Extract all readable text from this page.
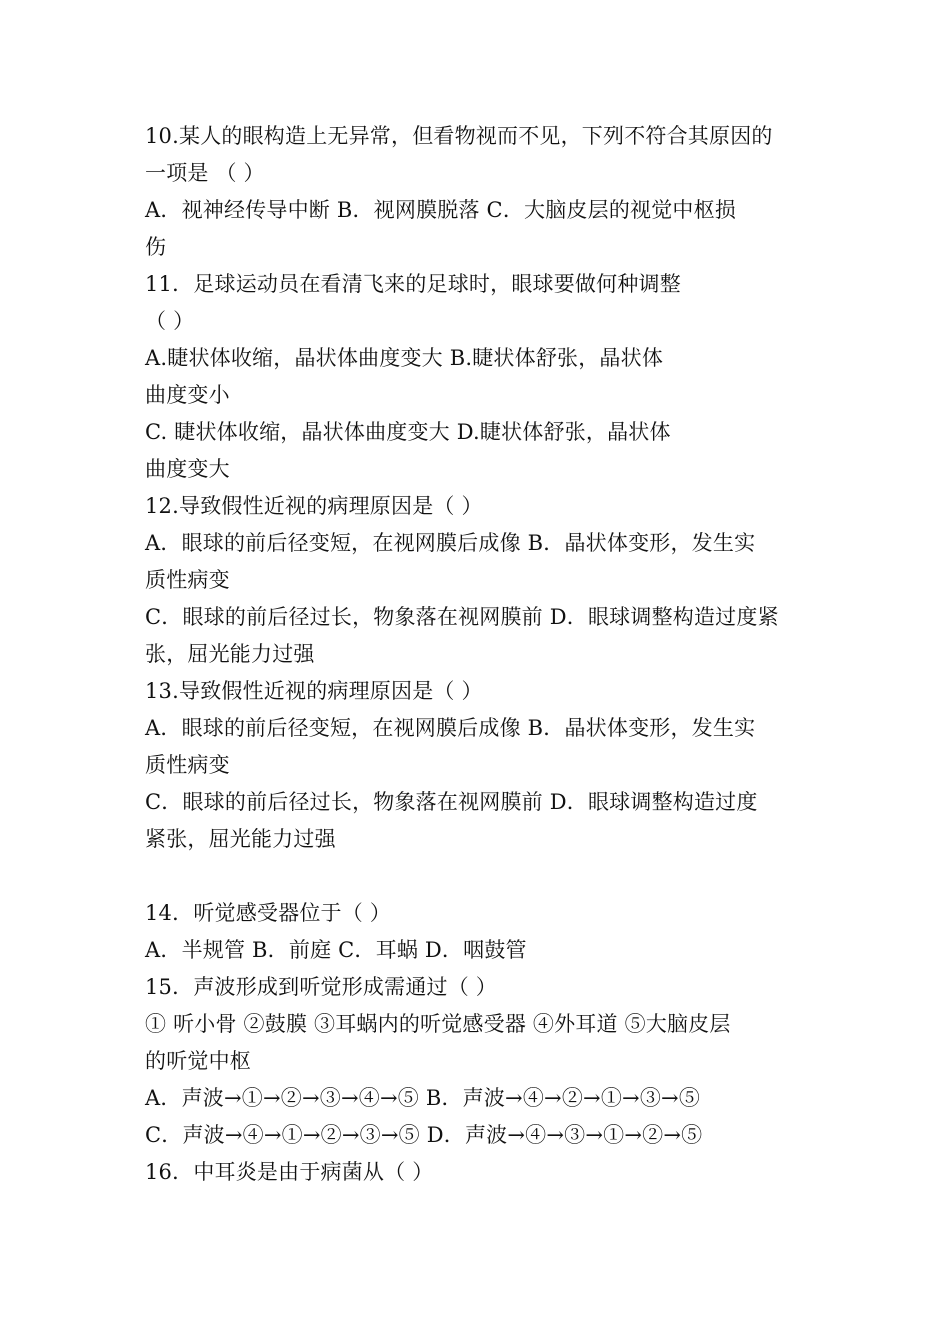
10.某人的眼构造上无异常，但看物视而不见，下列不符合其原因的
一项是 （ ）
A．视神经传导中断 B．视网膜脱落 C．大脑皮层的视觉中枢损
伤
11．足球运动员在看清飞来的足球时，眼球要做何种调整
（ ）
A.睫状体收缩，晶状体曲度变大 B.睫状体舒张，晶状体
曲度变小
C. 睫状体收缩，晶状体曲度变大 D.睫状体舒张，晶状体
曲度变大
12.导致假性近视的病理原因是（ ）
A．眼球的前后径变短，在视网膜后成像 B．晶状体变形，发生实
质性病变
C．眼球的前后径过长，物象落在视网膜前 D．眼球调整构造过度紧
张，屈光能力过强
13.导致假性近视的病理原因是（ ）
A．眼球的前后径变短，在视网膜后成像 B．晶状体变形，发生实
质性病变
C．眼球的前后径过长，物象落在视网膜前 D．眼球调整构造过度
紧张，屈光能力过强
14．听觉感受器位于（ ）
A．半规管 B．前庭 C．耳蜗 D．咽鼓管
15．声波形成到听觉形成需通过（ ）
① 听小骨 ②鼓膜 ③耳蜗内的听觉感受器 ④外耳道 ⑤大脑皮层
的听觉中枢
A．声波→①→②→③→④→⑤ B．声波→④→②→①→③→⑤
C．声波→④→①→②→③→⑤ D．声波→④→③→①→②→⑤
16．中耳炎是由于病菌从（ ）
